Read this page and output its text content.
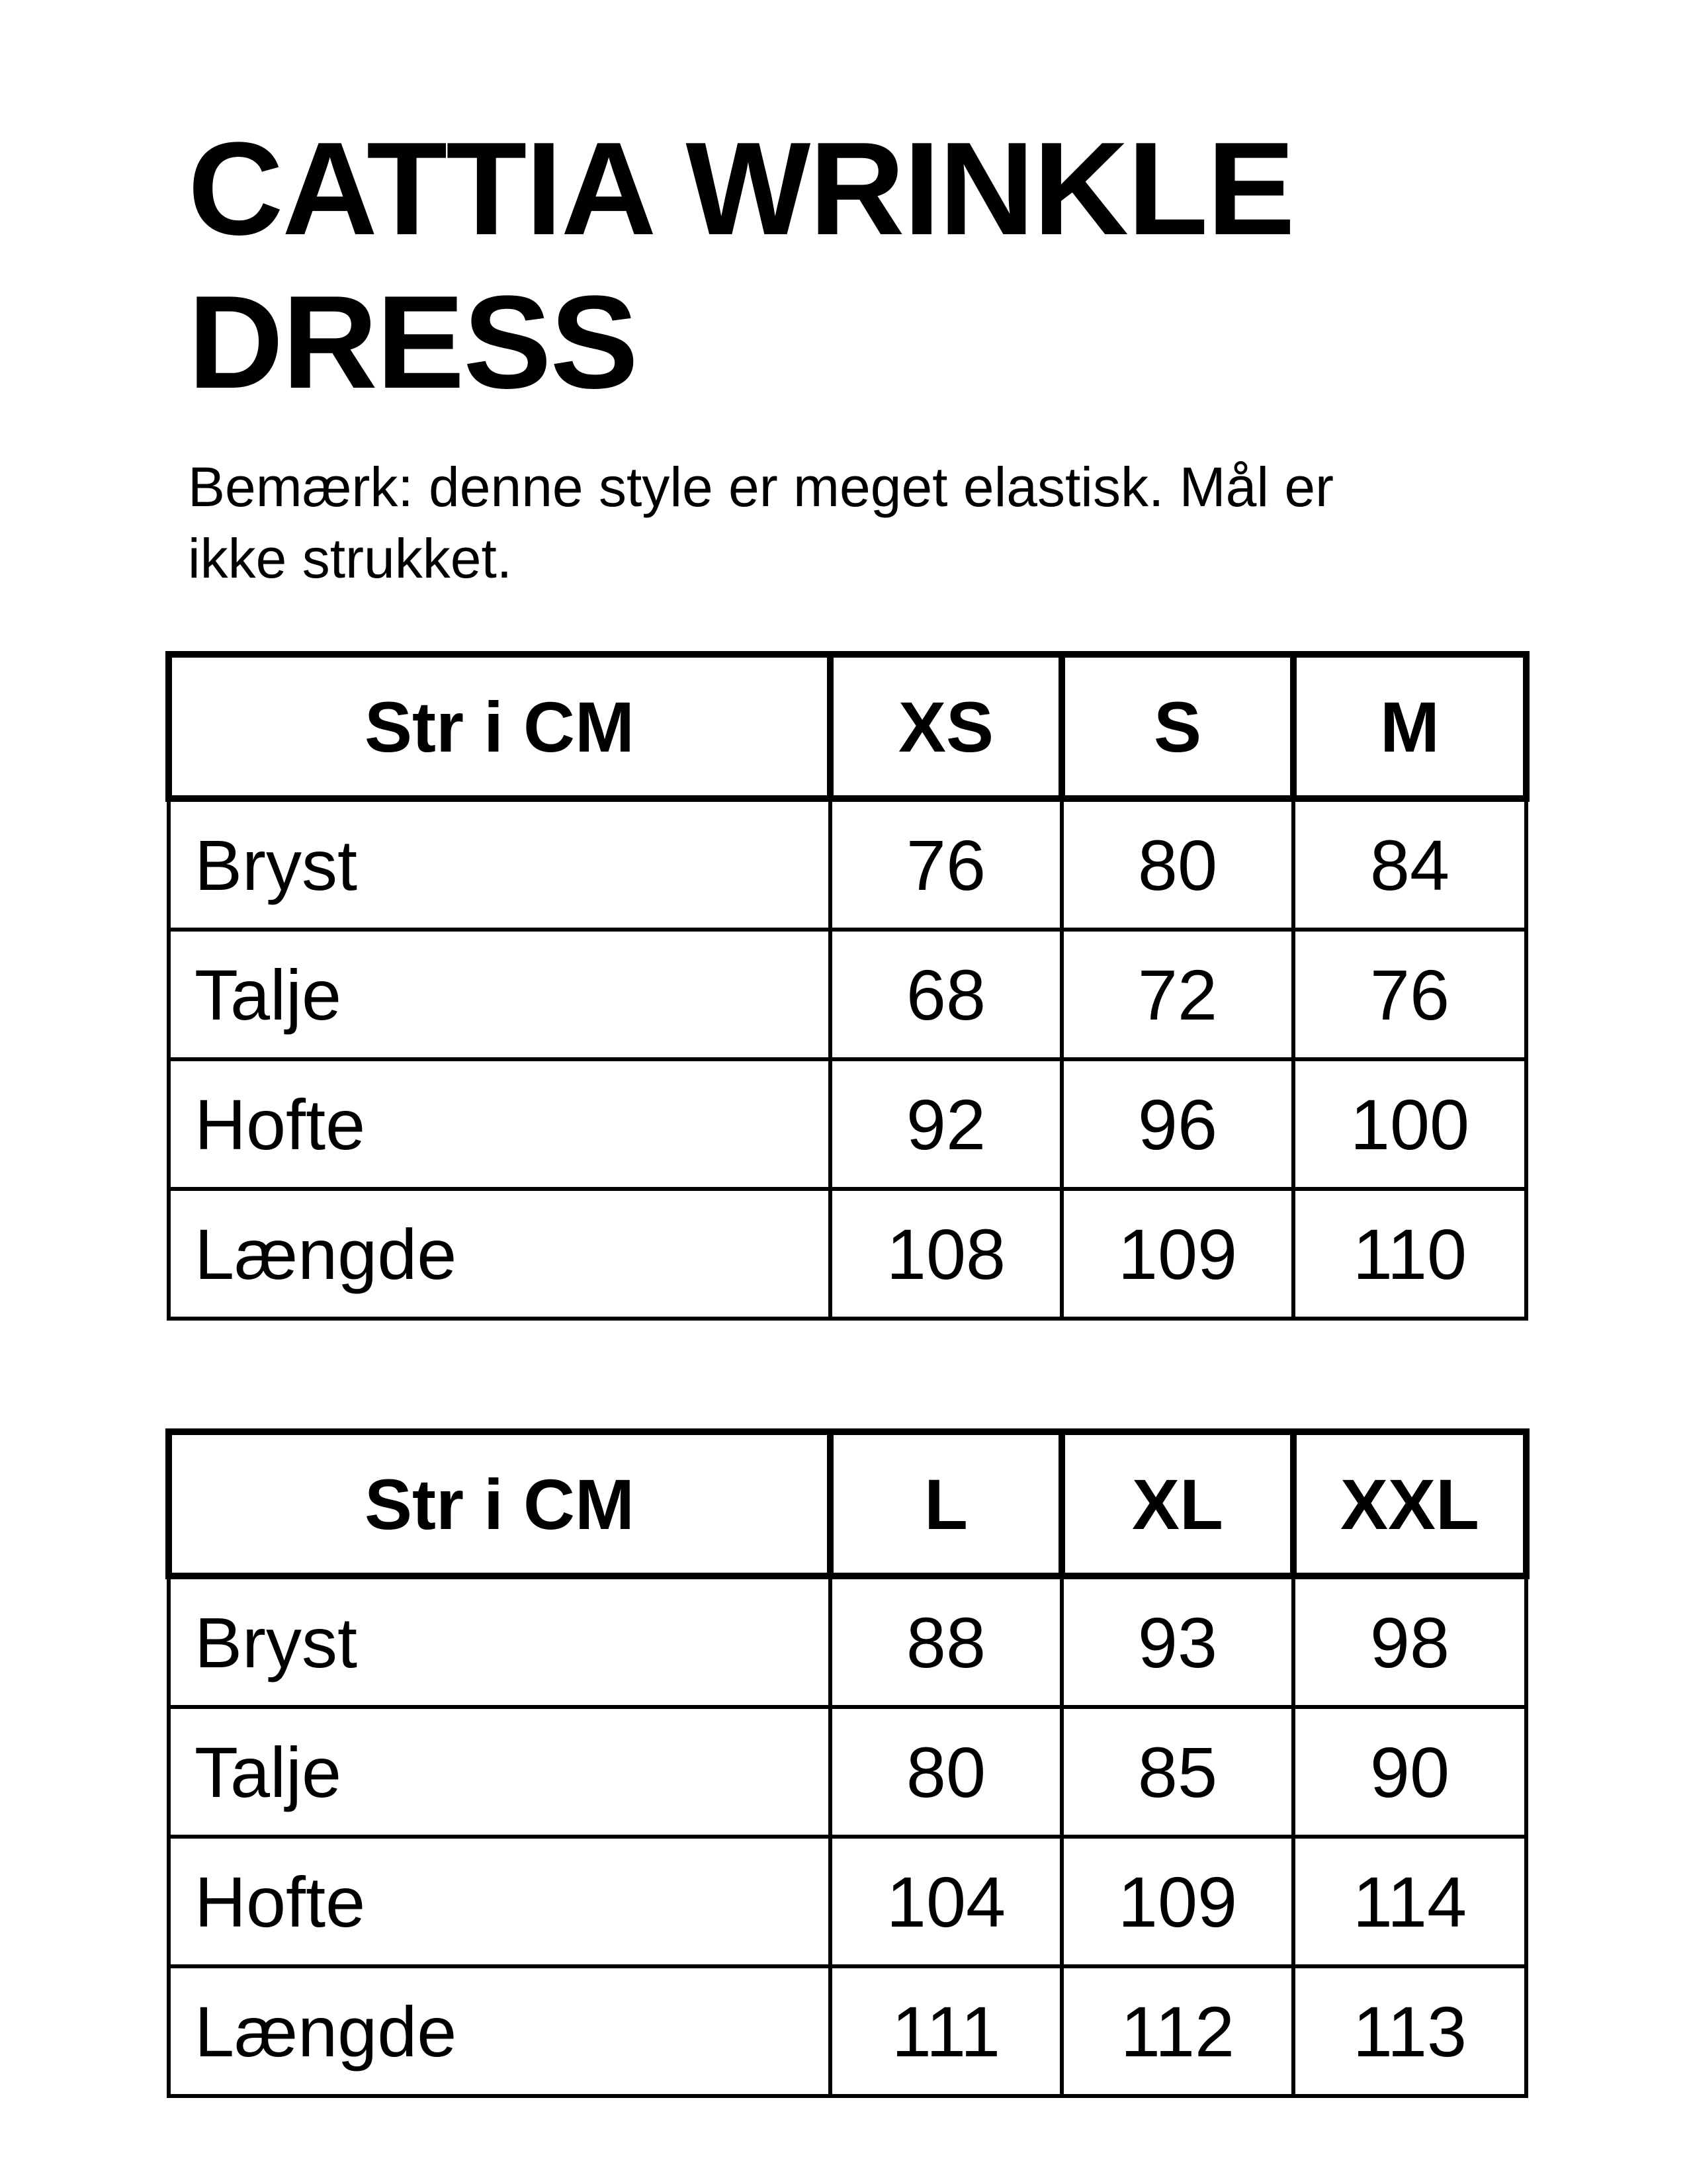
CATTIA WRINKLE
DRESS

Bemærk: denne style er meget elastisk. Mål er
ikke strukket.

Str i CM	XS	S	M
Bryst	76	80	84
Talje	68	72	76
Hofte	92	96	100
Længde	108	109	110
Str i CM	L	XL	XXL
Bryst	88	93	98
Talje	80	85	90
Hofte	104	109	114
Længde	111	112	113
